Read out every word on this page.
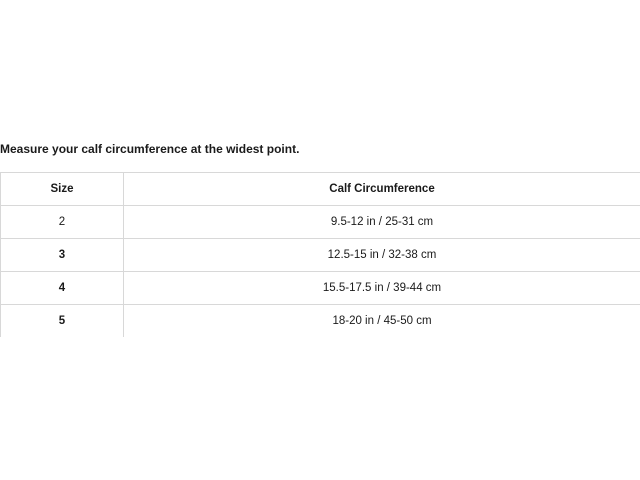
Measure your calf circumference at the widest point.
Size	Calf Circumference
2	9.5-12 in / 25-31 cm
3	12.5-15 in / 32-38 cm
4	15.5-17.5 in / 39-44 cm
5	18-20 in / 45-50 cm
